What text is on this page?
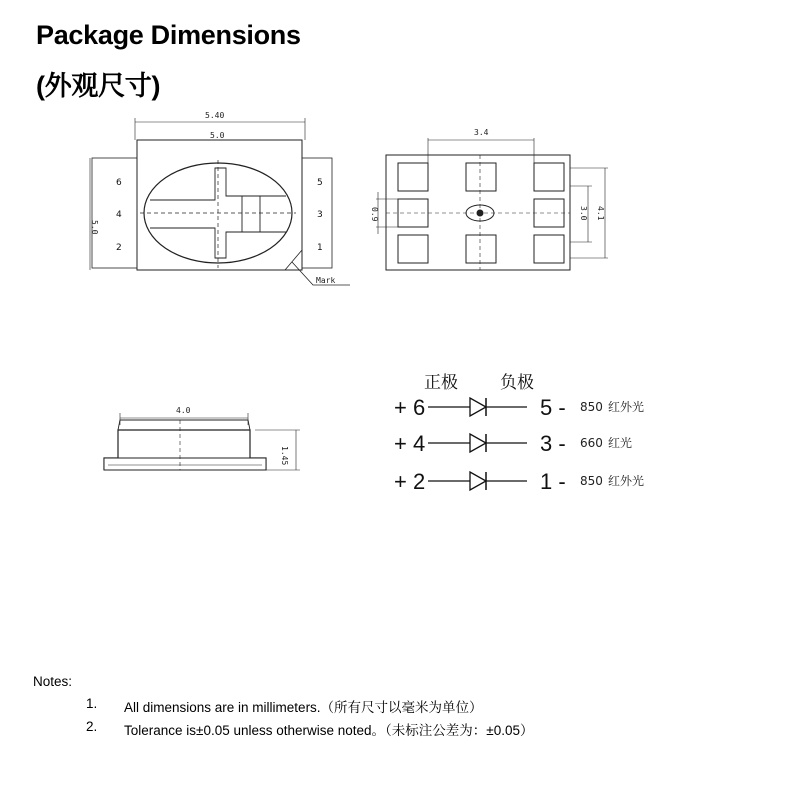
Package Dimensions
(外观尺寸)
5.40
5.0
5.0
6
4
2
5
3
1
Mark
3.4
0.9	3.0 4.1
4.0
1.45
正极 负极
+ 6	5 - 850 红外光
+ 4	3 - 660 红光
+ 2	1 - 850 红外光
Notes:
1. All dimensions are in millimeters.（所有尺寸以毫米为单位）
2. Tolerance is±0.05 unless otherwise noted。（未标注公差为：±0.05）
